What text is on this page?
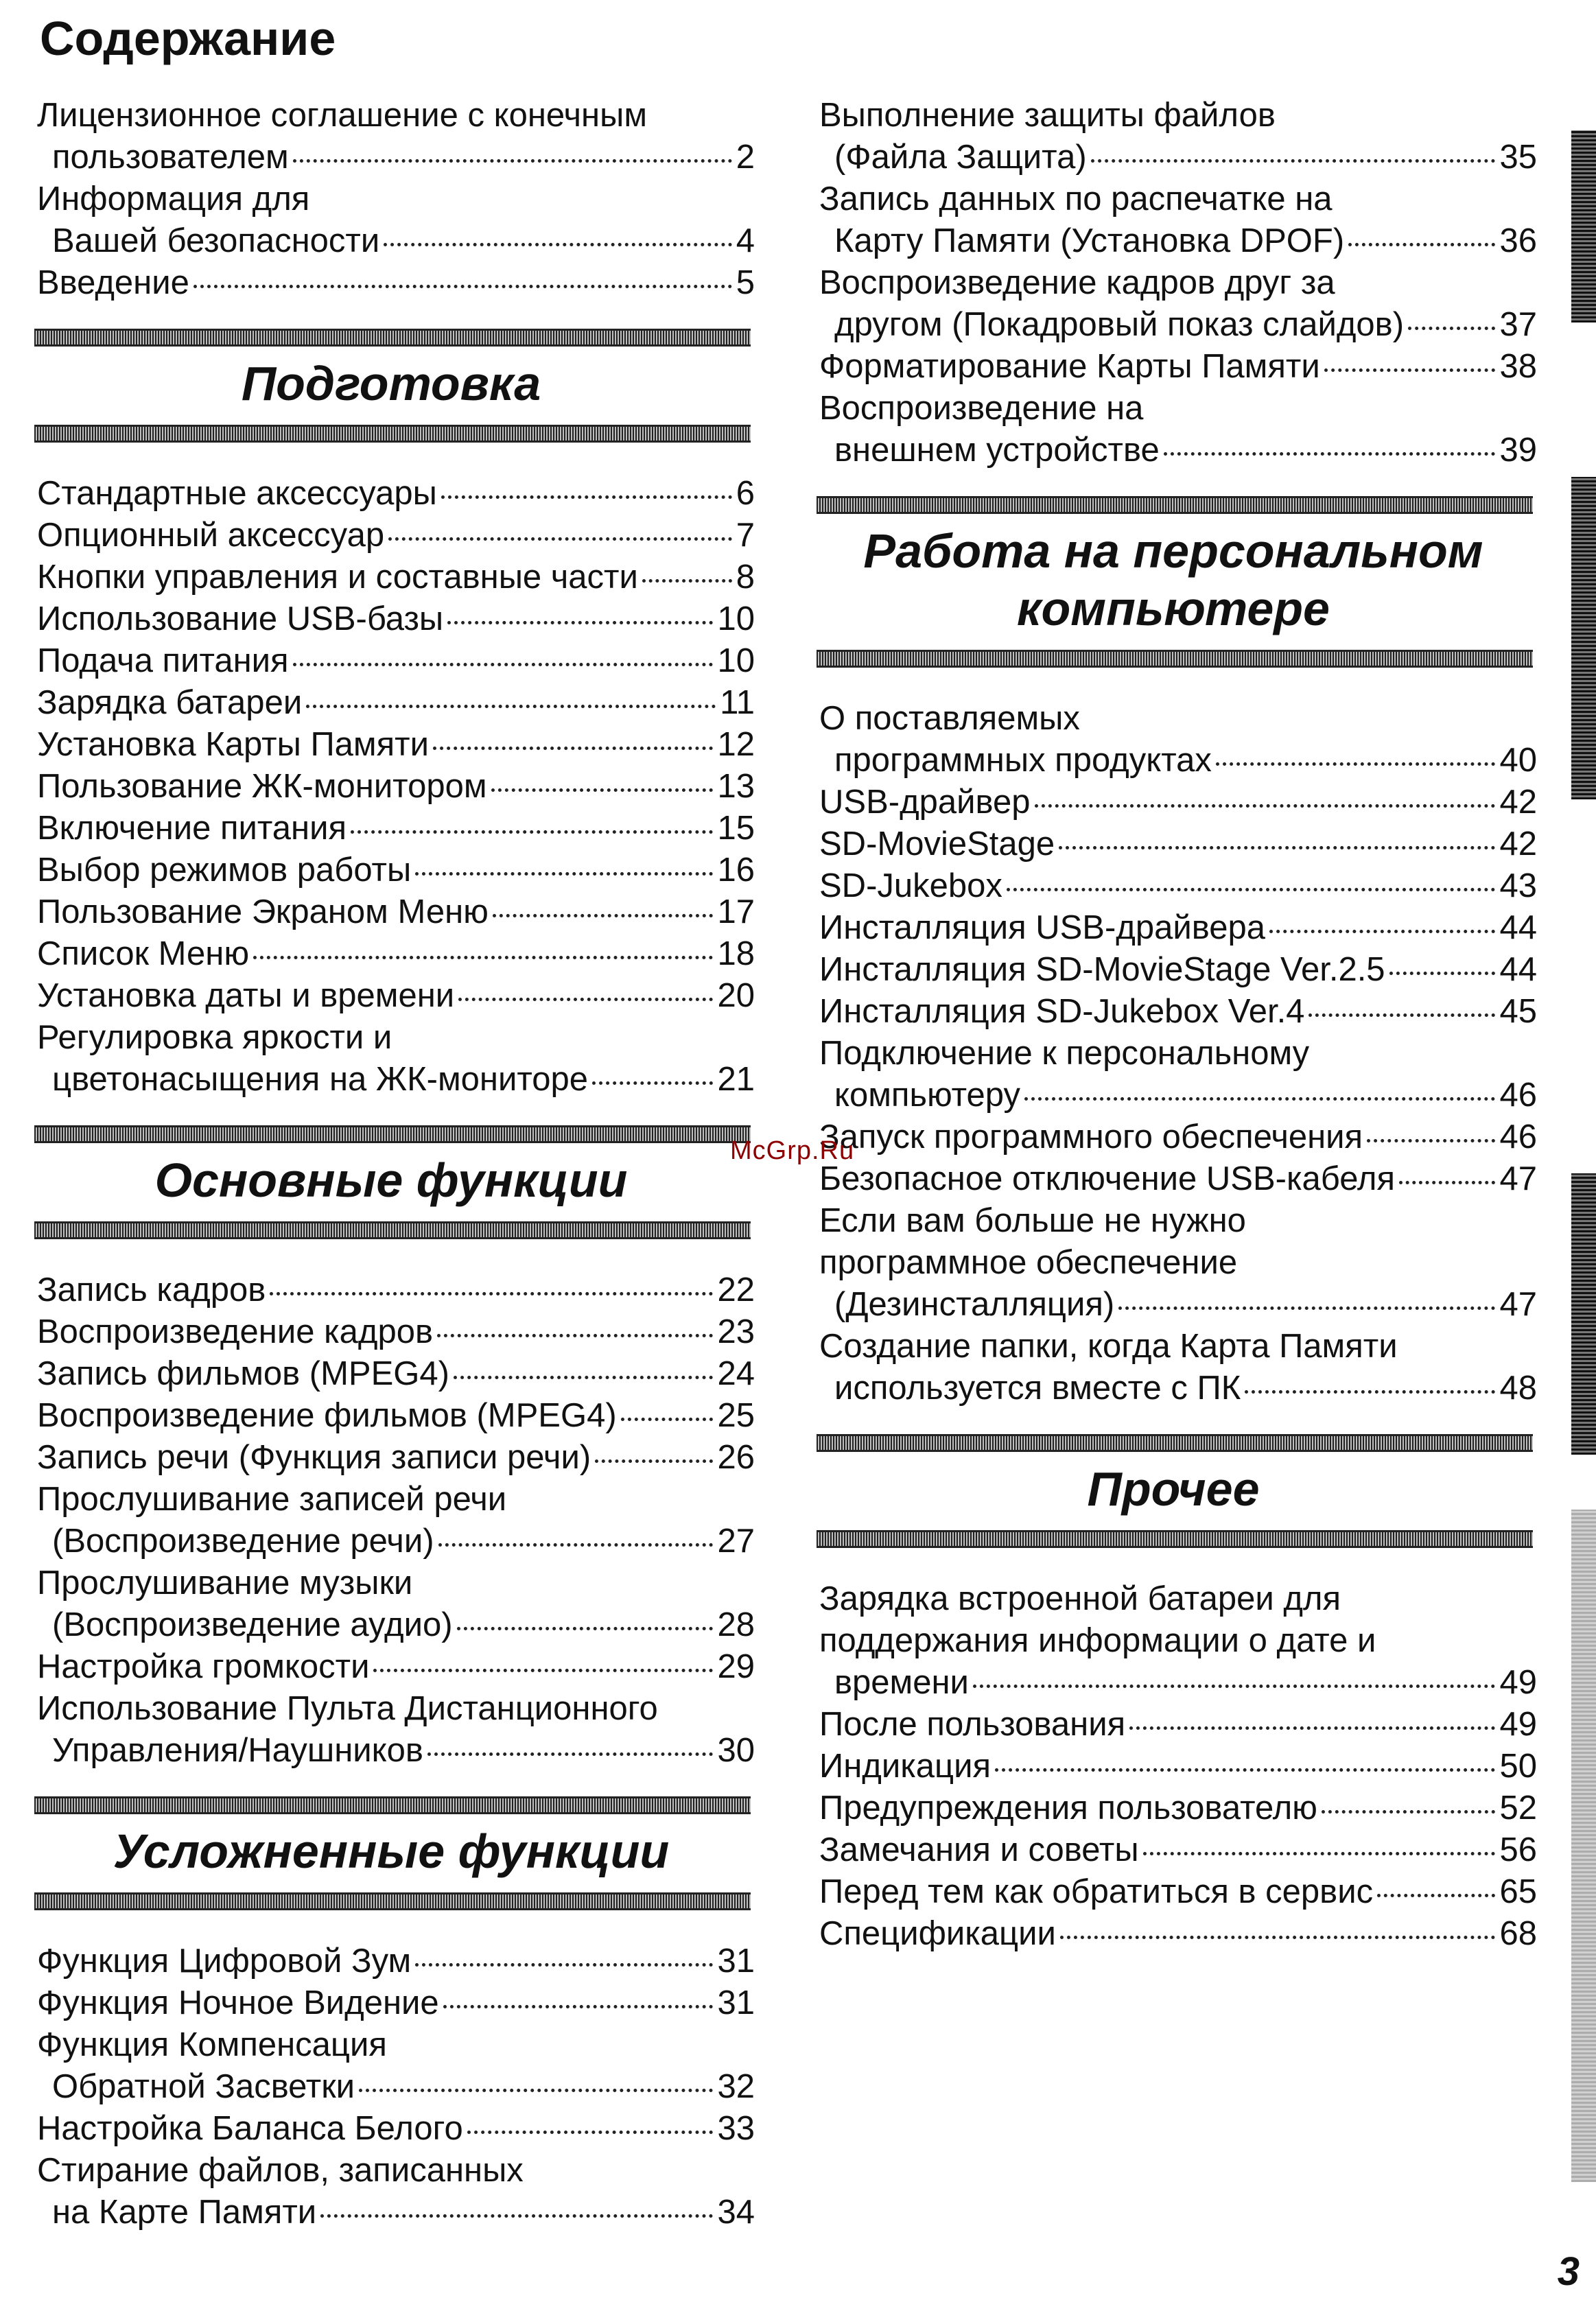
Содержание
Лицензионное соглашение с конечным
пользователем	2
Информация для
Вашей безопасности	4
Введение	5
Подготовка
Стандартные аксессуары	6
Опционный аксессуар	7
Кнопки управления и составные части	8
Использование USB-базы	10
Подача питания	10
Зарядка батареи	11
Установка Карты Памяти	12
Пользование ЖК-монитором	13
Включение питания	15
Выбор режимов работы	16
Пользование Экраном Меню	17
Список Меню	18
Установка даты и времени	20
Регулировка яркости и
цветонасыщения на ЖК-мониторе	21
Основные функции
Запись кадров	22
Воспроизведение кадров	23
Запись фильмов (MPEG4)	24
Воспроизведение фильмов (MPEG4)	25
Запись речи (Функция записи речи)	26
Прослушивание записей речи
(Воспроизведение речи)	27
Прослушивание музыки
(Воспроизведение аудио)	28
Настройка громкости	29
Использование Пульта Дистанционного
Управления/Наушников	30
Усложненные функции
Функция Цифровой Зум	31
Функция Ночное Видение	31
Функция Компенсация
Обратной Засветки	32
Настройка Баланса Белого	33
Стирание файлов, записанных
на Карте Памяти	34
Выполнение защиты файлов
(Файла Защита)	35
Запись данных по распечатке на
Карту Памяти (Установка DPOF)	36
Воспроизведение кадров друг за
другом (Покадровый показ слайдов)	37
Форматирование Карты Памяти	38
Воспроизведение на
внешнем устройстве	39
Работа на персональном компьютере
О поставляемых
программных продуктах	40
USB-драйвер	42
SD-MovieStage	42
SD-Jukebox	43
Инсталляция USB-драйвера	44
Инсталляция SD-MovieStage Ver.2.5	44
Инсталляция SD-Jukebox Ver.4	45
Подключение к персональному
компьютеру	46
Запуск программного обеспечения	46
Безопасное отключение USB-кабеля	47
Если вам больше не нужно
программное обеспечение
(Дезинсталляция)	47
Создание папки, когда Карта Памяти
используется вместе с ПК	48
Прочее
Зарядка встроенной батареи для
поддержания информации о дате и
времени	49
После пользования	49
Индикация	50
Предупреждения пользователю	52
Замечания и советы	56
Перед тем как обратиться в сервис	65
Спецификации	68
McGrp.Ru
3
